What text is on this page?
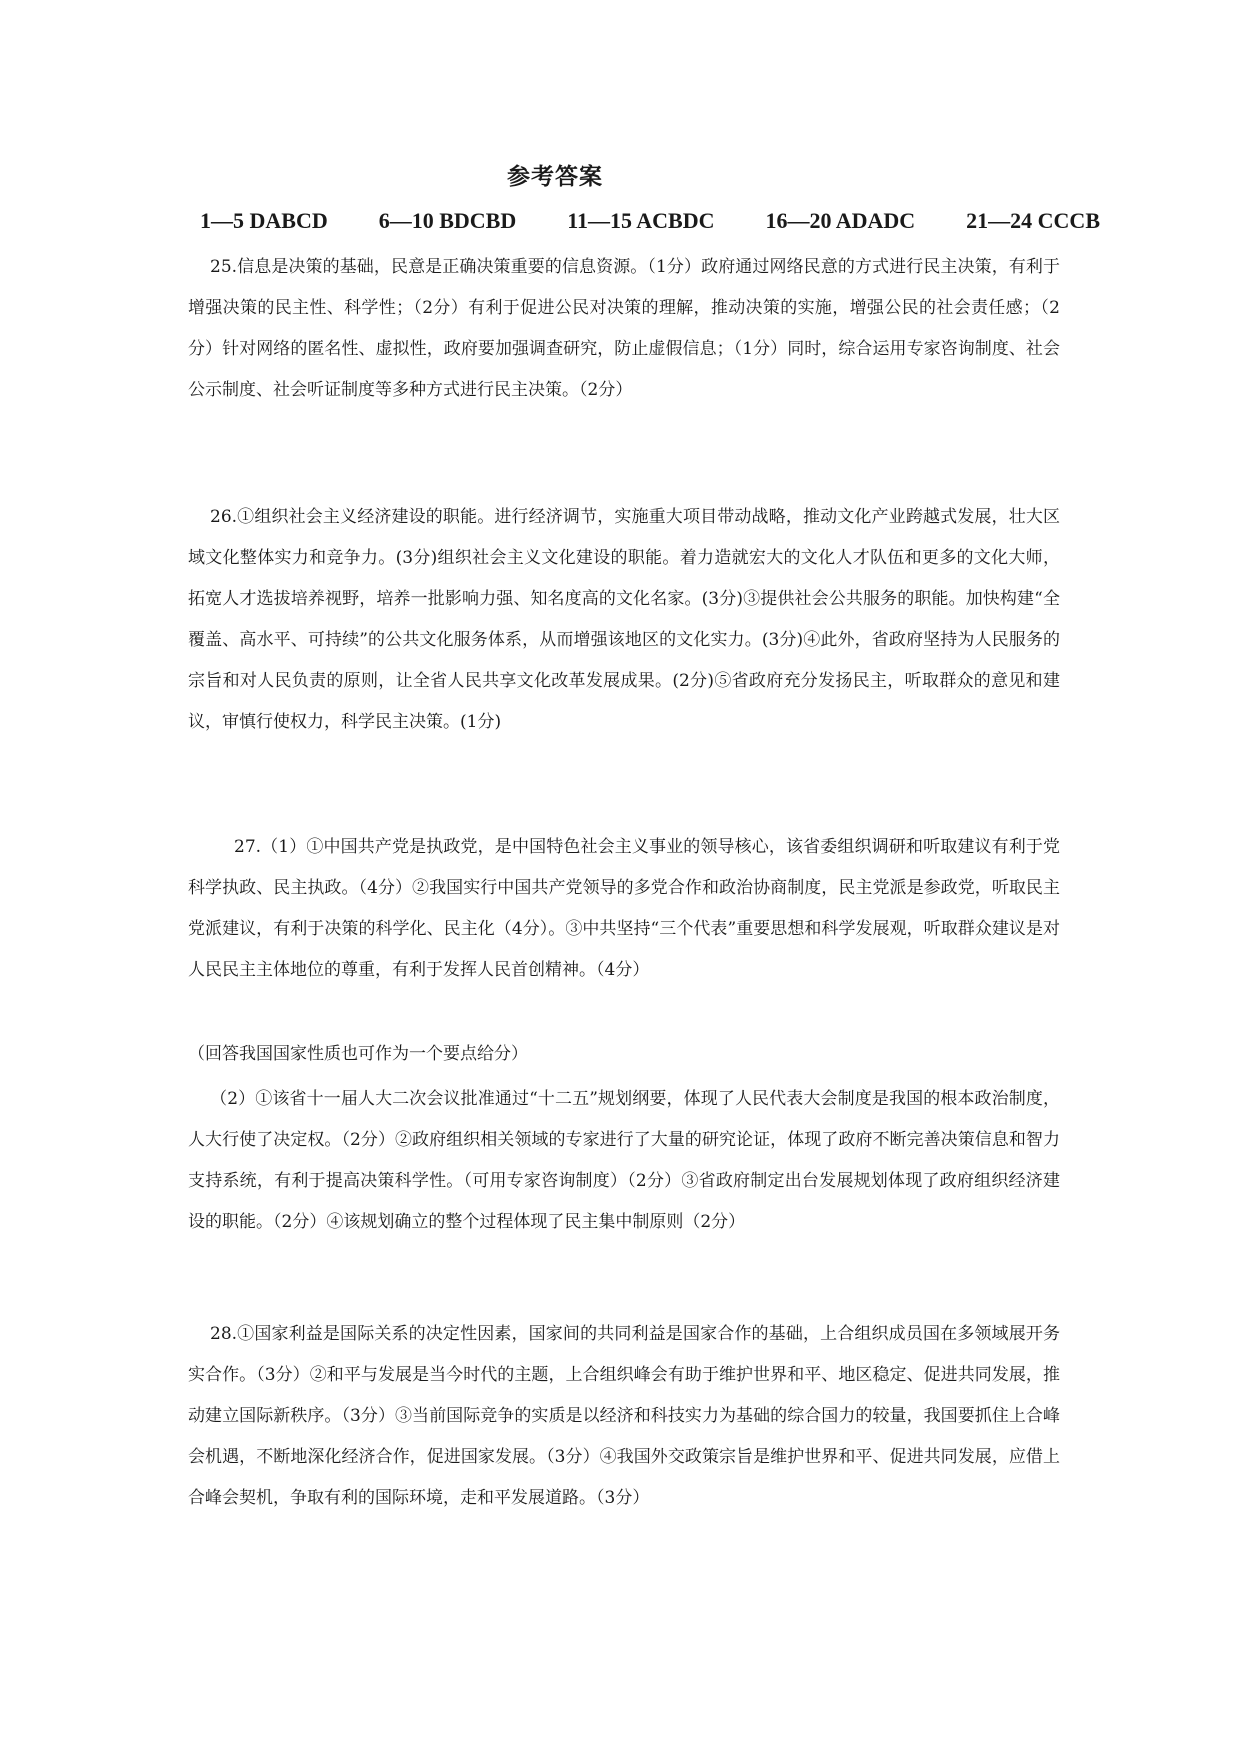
参考答案
1—5 DABCD 6—10 BDCBD 11—15 ACBDC 16—20 ADADC 21—24 CCCB
25.信息是决策的基础，民意是正确决策重要的信息资源。（1分）政府通过网络民意的方式进行民主决策，有利于增强决策的民主性、科学性；（2分）有利于促进公民对决策的理解，推动决策的实施，增强公民的社会责任感；（2分）针对网络的匿名性、虚拟性，政府要加强调查研究，防止虚假信息；（1分）同时，综合运用专家咨询制度、社会公示制度、社会听证制度等多种方式进行民主决策。（2分）
26.①组织社会主义经济建设的职能。进行经济调节，实施重大项目带动战略，推动文化产业跨越式发展，壮大区域文化整体实力和竞争力。(3分)组织社会主义文化建设的职能。着力造就宏大的文化人才队伍和更多的文化大师，拓宽人才选拔培养视野，培养一批影响力强、知名度高的文化名家。(3分)③提供社会公共服务的职能。加快构建“全覆盖、高水平、可持续”的公共文化服务体系，从而增强该地区的文化实力。(3分)④此外，省政府坚持为人民服务的宗旨和对人民负责的原则，让全省人民共享文化改革发展成果。(2分)⑤省政府充分发扬民主，听取群众的意见和建议，审慎行使权力，科学民主决策。(1分)
27.（1）①中国共产党是执政党，是中国特色社会主义事业的领导核心，该省委组织调研和听取建议有利于党科学执政、民主执政。（4分）②我国实行中国共产党领导的多党合作和政治协商制度，民主党派是参政党，听取民主党派建议，有利于决策的科学化、民主化（4分）。③中共坚持“三个代表”重要思想和科学发展观，听取群众建议是对人民民主主体地位的尊重，有利于发挥人民首创精神。（4分）
（回答我国国家性质也可作为一个要点给分）
（2）①该省十一届人大二次会议批准通过“十二五”规划纲要，体现了人民代表大会制度是我国的根本政治制度，人大行使了决定权。（2分）②政府组织相关领域的专家进行了大量的研究论证，体现了政府不断完善决策信息和智力支持系统，有利于提高决策科学性。（可用专家咨询制度）（2分）③省政府制定出台发展规划体现了政府组织经济建设的职能。（2分）④该规划确立的整个过程体现了民主集中制原则（2分）
28.①国家利益是国际关系的决定性因素，国家间的共同利益是国家合作的基础，上合组织成员国在多领域展开务实合作。（3分）②和平与发展是当今时代的主题，上合组织峰会有助于维护世界和平、地区稳定、促进共同发展，推动建立国际新秩序。（3分）③当前国际竞争的实质是以经济和科技实力为基础的综合国力的较量，我国要抓住上合峰会机遇，不断地深化经济合作，促进国家发展。（3分）④我国外交政策宗旨是维护世界和平、促进共同发展，应借上合峰会契机，争取有利的国际环境，走和平发展道路。（3分）
